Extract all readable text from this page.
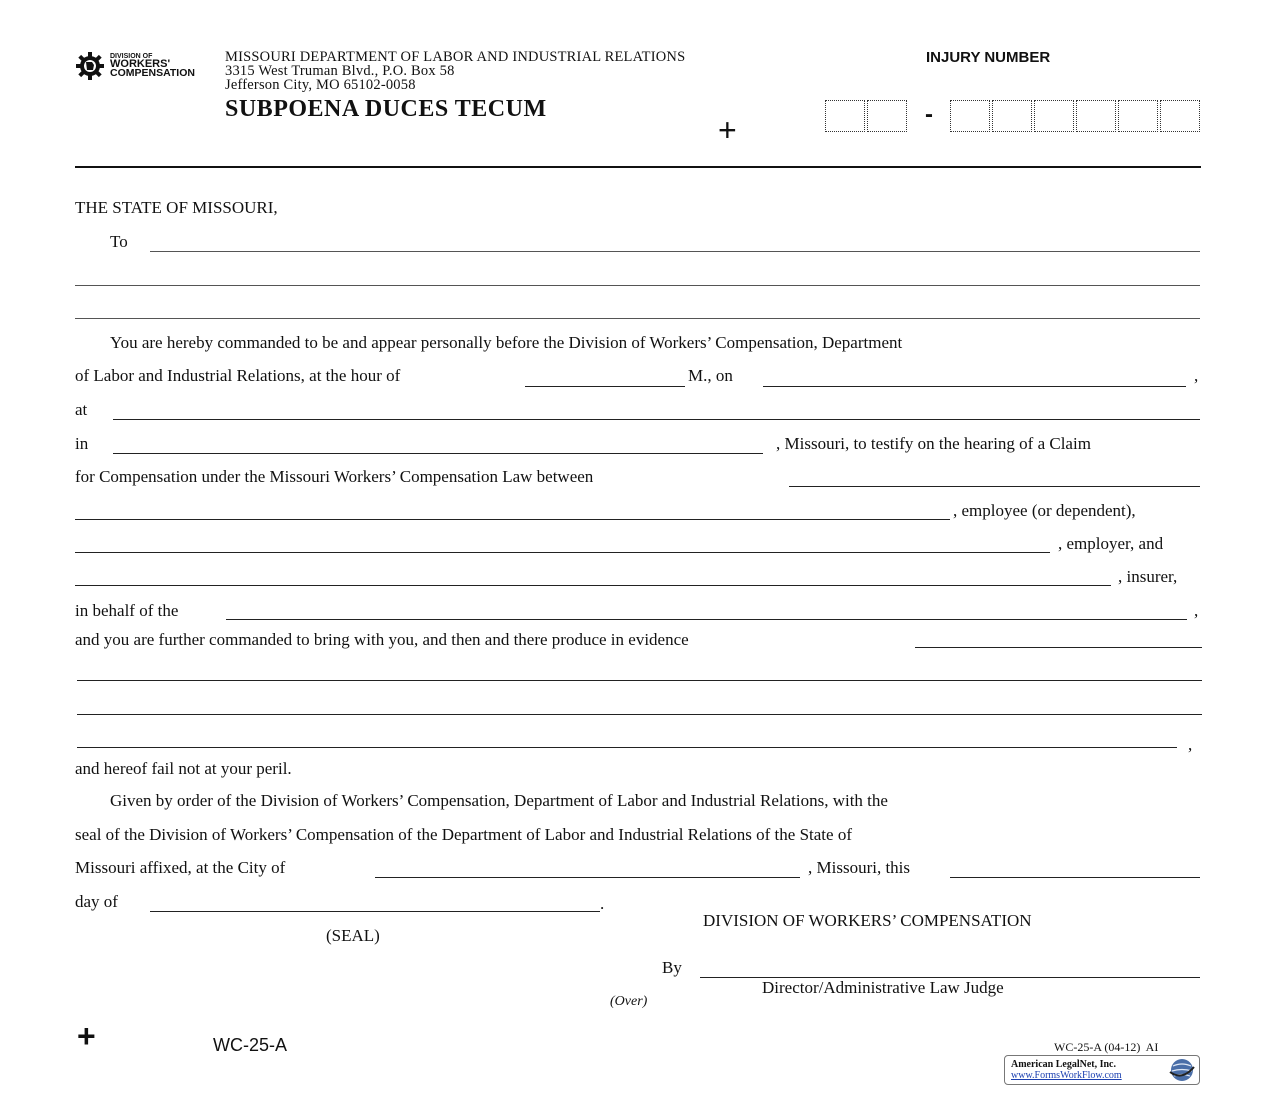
DIVISION OF
WORKERS'
COMPENSATION
MISSOURI DEPARTMENT OF LABOR AND INDUSTRIAL RELATIONS
3315 West Truman Blvd., P.O. Box 58
Jefferson City, MO 65102-0058
SUBPOENA DUCES TECUM
INJURY NUMBER
+	-
THE STATE OF MISSOURI,
To
You are hereby commanded to be and appear personally before the Division of Workers’ Compensation, Department
of Labor and Industrial Relations, at the hour of	M., on	,
at
in	, Missouri, to testify on the hearing of a Claim
for Compensation under the Missouri Workers’ Compensation Law between
, employee (or dependent),
, employer, and
, insurer,
in behalf of the	,
and you are further commanded to bring with you, and then and there produce in evidence
,
and hereof fail not at your peril.
Given by order of the Division of Workers’ Compensation, Department of Labor and Industrial Relations, with the
seal of the Division of Workers’ Compensation of the Department of Labor and Industrial Relations of the State of
Missouri affixed, at the City of	, Missouri, this
day of	.
DIVISION OF WORKERS’ COMPENSATION
(SEAL)
By
Director/Administrative Law Judge
(Over)
+	WC-25-A	WC-25-A (04-12)  AI
American LegalNet, Inc.
www.FormsWorkFlow.com
